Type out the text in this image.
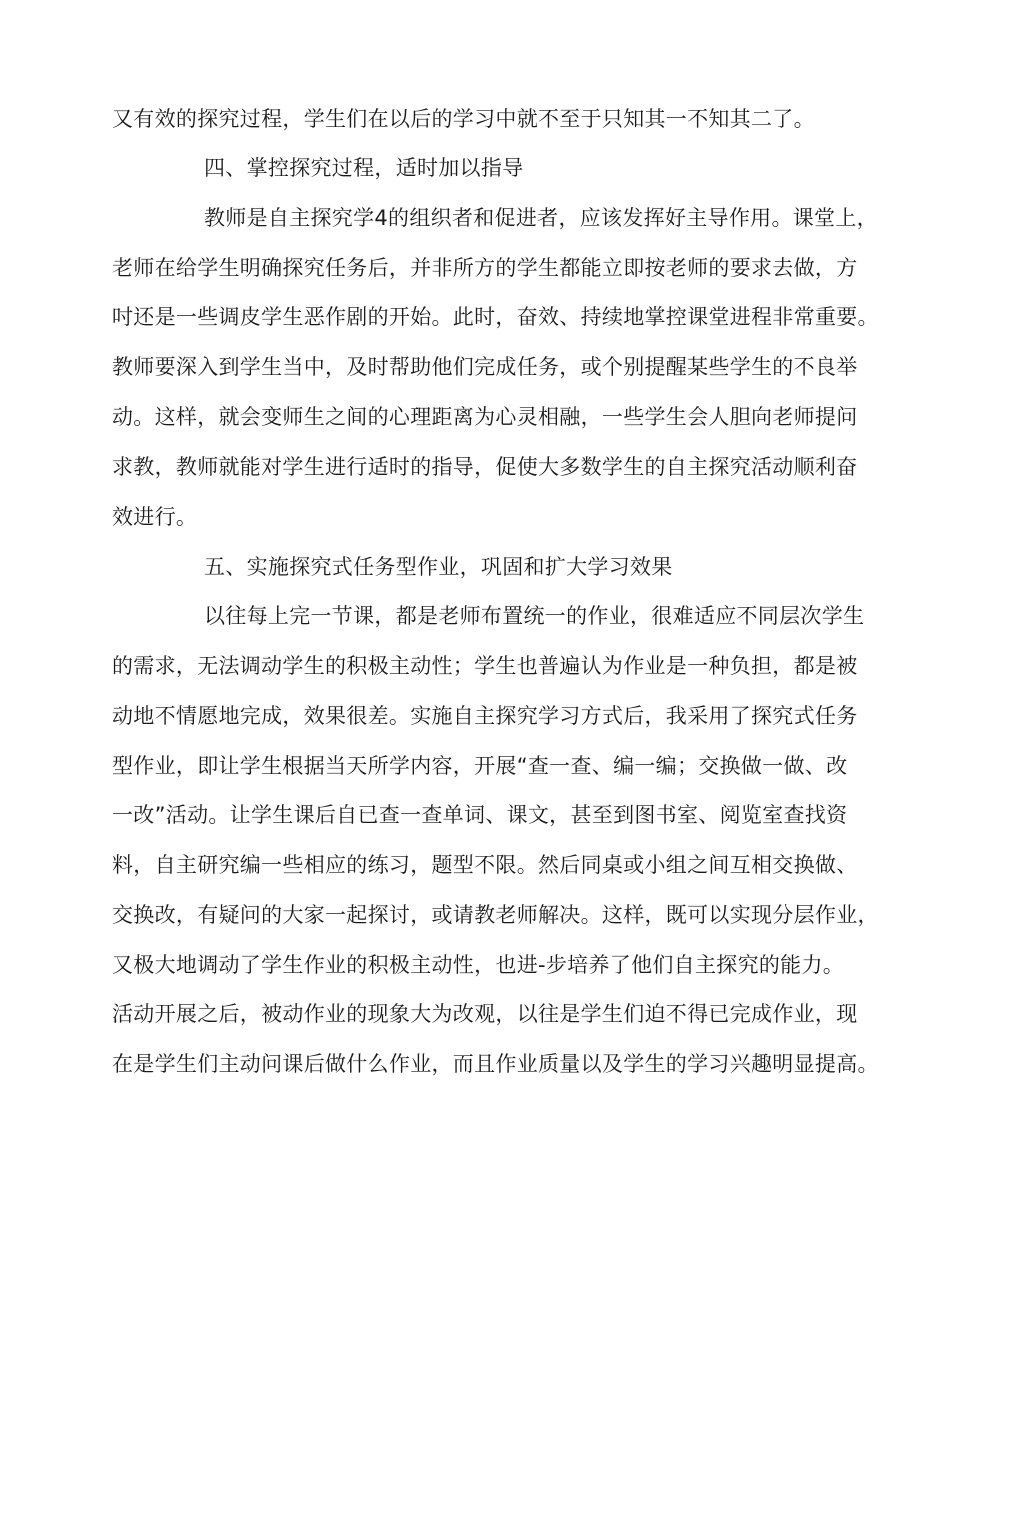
又有效的探究过程，学生们在以后的学习中就不至于只知其一不知其二了。
四、掌控探究过程，适时加以指导
教师是自主探究学4的组织者和促进者，应该发挥好主导作用。课堂上，
老师在给学生明确探究任务后，并非所方的学生都能立即按老师的要求去做，方
吋还是一些调皮学生恶作剧的开始。此时，奋效、持续地掌控课堂进程非常重要。
教师要深入到学生当中，及时帮助他们完成任务，或个别提醒某些学生的不良举
动。这样，就会变师生之间的心理距离为心灵相融，一些学生会人胆向老师提问
求教，教师就能对学生进行适时的指导，促使大多数学生的自主探究活动顺利奋
效进行。
五、实施探究式任务型作业，巩固和扩大学习效果
以往每上完一节课，都是老师布置统一的作业，很难适应不同层次学生
的需求，无法调动学生的积极主动性；学生也普遍认为作业是一种负担，都是被
动地不情愿地完成，效果很差。实施自主探究学习方式后，我采用了探究式任务
型作业，即让学生根据当天所学内容，开展“查一查、编一编；交换做一做、改
一改”活动。让学生课后自已查一查单词、课文，甚至到图书室、阅览室查找资
料，自主研究编一些相应的练习，题型不限。然后同桌或小组之间互相交换做、
交换改，有疑问的大家一起探讨，或请教老师解决。这样，既可以实现分层作业，
又极大地调动了学生作业的积极主动性，也进-步培养了他们自主探究的能力。
活动开展之后，被动作业的现象大为改观，以往是学生们迫不得已完成作业，现
在是学生们主动问课后做什么作业，而且作业质量以及学生的学习兴趣明显提高。
